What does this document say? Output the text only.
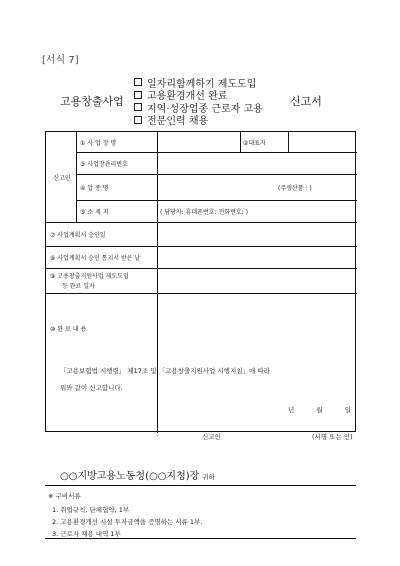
[서식 7]
고용창출사업
일자리함께하기 제도도입
고용환경개선 완료
지역·성장업종 근로자 고용
전문인력 채용
신고서
신고인
① 사 업 장 명	②대표자
③ 사업장관리번호
④ 업 종 명	(주생산품 : )
⑤ 소 재 지	( 담당자: 휴대폰번호: 전화번호: )
⑦ 사업계획서 승인일
⑧ 사업계획서 승인 통지서 받은 날
⑨ 고용창출지원사업 제도도입
등 완료 일자
⑩ 완 료 내 용
「고용보험법 시행령」 제17조 및 「고용창출지원사업 시행지침」에 따라
위와 같이 신고합니다.
년 월 일
신고인	(서명 또는 인)
○○지방고용노동청(○○지청)장 귀하
※ 구비서류
1. 취업규칙, 단체협약, 1부
2. 고용환경개선 시설 투자금액을 증명하는 서류 1부.
3. 근로자 채용 내역 1부
